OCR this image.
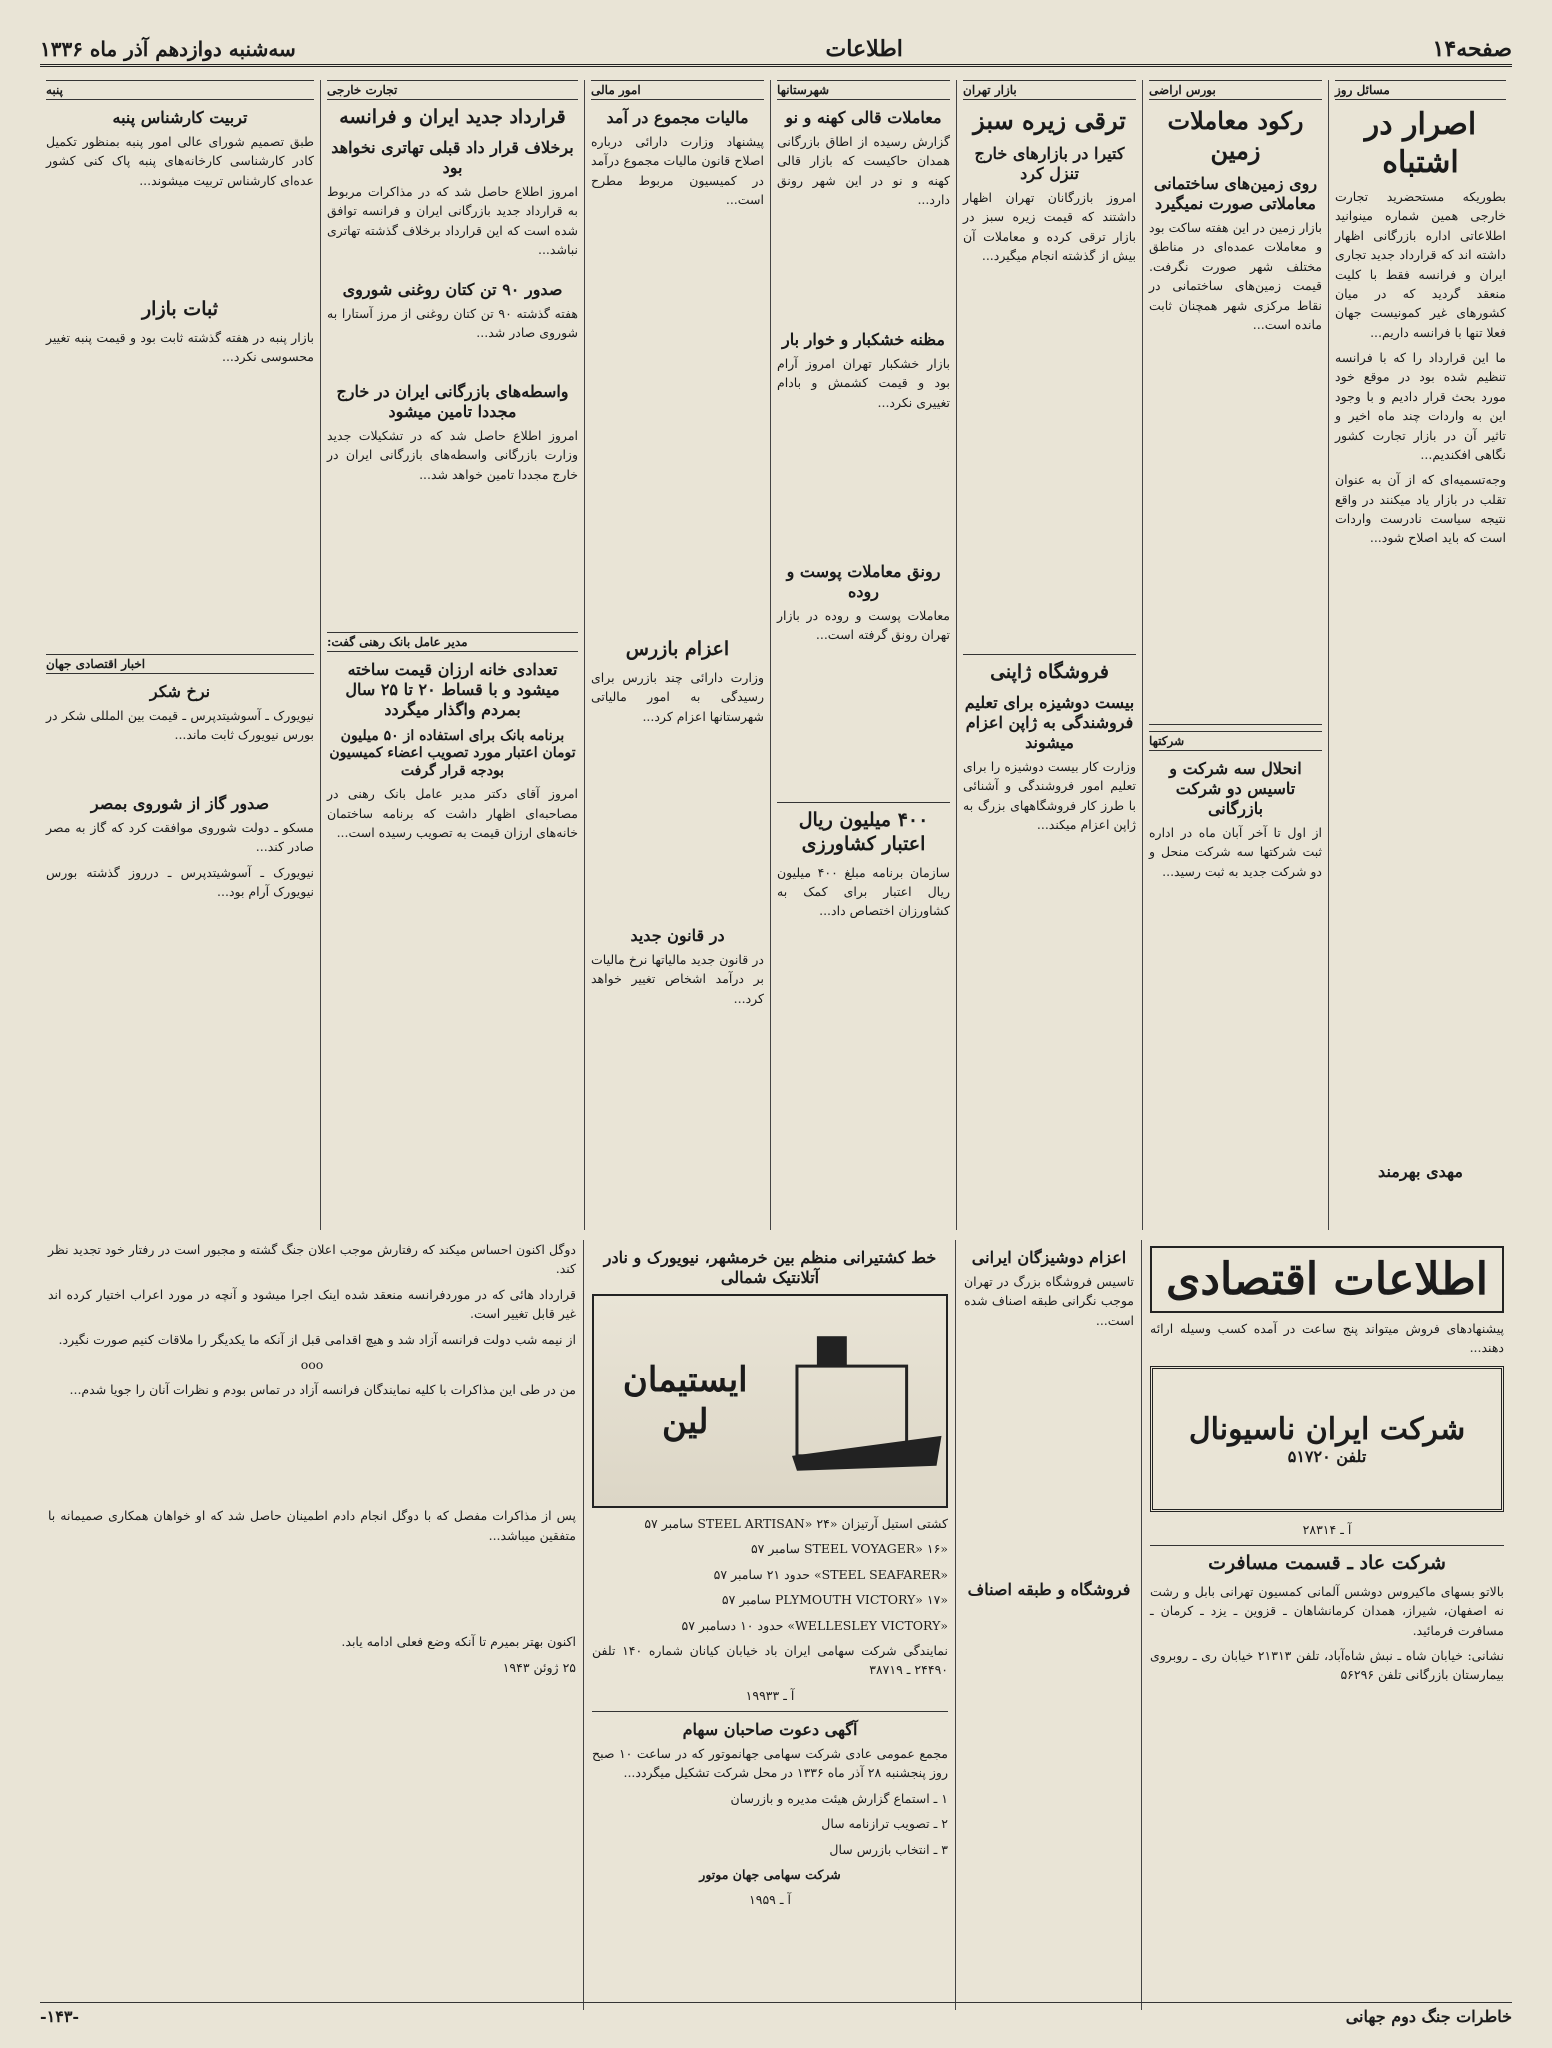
صفحه۱۴
اطلاعات
سه‌شنبه دوازدهم آذر ماه ۱۳۳۶
مسائل روز
اصرار در اشتباه

بطوریکه مستحضرید تجارت خارجی همین شماره مینوانید اطلاعاتی اداره بازرگانی اظهار داشته اند که قرارداد جدید تجاری ایران و فرانسه فقط با کلیت منعقد گردید که در میان کشورهای غیر کمونیست جهان فعلا تنها با فرانسه داریم...

ما این قرارداد را که با فرانسه تنظیم شده بود در موقع خود مورد بحث قرار دادیم و با وجود این به واردات چند ماه اخیر و تاثیر آن در بازار تجارت کشور نگاهی افکندیم...

وجه‌تسمیه‌ای که از آن به عنوان تقلب در بازار یاد میکنند در واقع نتیجه سیاست نادرست واردات است که باید اصلاح شود...

مهدی بهرمند
بورس اراضی
رکود معاملات زمین
روی زمین‌های ساختمانی معاملاتی صورت نمیگیرد

بازار زمین در این هفته ساکت بود و معاملات عمده‌ای در مناطق مختلف شهر صورت نگرفت. قیمت زمین‌های ساختمانی در نقاط مرکزی شهر همچنان ثابت مانده است...

شرکتها
انحلال سه شرکت و تاسیس دو شرکت بازرگانی

از اول تا آخر آبان ماه در اداره ثبت شرکتها سه شرکت منحل و دو شرکت جدید به ثبت رسید...

بازار تهران
ترقی زیره سبز
کتیرا در بازارهای خارج تنزل کرد

امروز بازرگانان تهران اظهار داشتند که قیمت زیره سبز در بازار ترقی کرده و معاملات آن بیش از گذشته انجام میگیرد...

فروشگاه ژاپنی
بیست دوشیزه برای تعلیم فروشندگی به ژاپن اعزام میشوند

وزارت کار بیست دوشیزه را برای تعلیم امور فروشندگی و آشنائی با طرز کار فروشگاههای بزرگ به ژاپن اعزام میکند...

شهرستانها
معاملات قالی کهنه و نو

گزارش رسیده از اطاق بازرگانی همدان حاکیست که بازار قالی کهنه و نو در این شهر رونق دارد...

مظنه خشکبار و خوار بار

بازار خشکبار تهران امروز آرام بود و قیمت کشمش و بادام تغییری نکرد...

رونق معاملات پوست و روده

معاملات پوست و روده در بازار تهران رونق گرفته است...

۴۰۰ میلیون ریال اعتبار کشاورزی

سازمان برنامه مبلغ ۴۰۰ میلیون ریال اعتبار برای کمک به کشاورزان اختصاص داد...

امور مالی
مالیات مجموع در آمد

پیشنهاد وزارت دارائی درباره اصلاح قانون مالیات مجموع درآمد در کمیسیون مربوط مطرح است...

اعزام بازرس

وزارت دارائی چند بازرس برای رسیدگی به امور مالیاتی شهرستانها اعزام کرد...

در قانون جدید

در قانون جدید مالیاتها نرخ مالیات بر درآمد اشخاص تغییر خواهد کرد...

تجارت خارجی
قرارداد جدید ایران و فرانسه
برخلاف قرار داد قبلی تهاتری نخواهد بود

امروز اطلاع حاصل شد که در مذاکرات مربوط به قرارداد جدید بازرگانی ایران و فرانسه توافق شده است که این قرارداد برخلاف گذشته تهاتری نباشد...

صدور ۹۰ تن کتان روغنی شوروی

هفته گذشته ۹۰ تن کتان روغنی از مرز آستارا به شوروی صادر شد...

واسطه‌های بازرگانی ایران در خارج مجددا تامین میشود

امروز اطلاع حاصل شد که در تشکیلات جدید وزارت بازرگانی واسطه‌های بازرگانی ایران در خارج مجددا تامین خواهد شد...

مدیر عامل بانک رهنی گفت:
تعدادی خانه ارزان قیمت ساخته میشود و با قساط ۲۰ تا ۲۵ سال بمردم واگذار میگردد
برنامه بانک برای استفاده از ۵۰ میلیون تومان اعتبار مورد تصویب اعضاء کمیسیون بودجه قرار گرفت

امروز آقای دکتر مدیر عامل بانک رهنی در مصاحبه‌ای اظهار داشت که برنامه ساختمان خانه‌های ارزان قیمت به تصویب رسیده است...

پنبه
تربیت کارشناس پنبه

طبق تصمیم شورای عالی امور پنبه بمنظور تکمیل کادر کارشناسی کارخانه‌های پنبه پاک کنی کشور عده‌ای کارشناس تربیت میشوند...

ثبات بازار

بازار پنبه در هفته گذشته ثابت بود و قیمت پنبه تغییر محسوسی نکرد...

اخبار اقتصادی جهان
نرخ شکر

نیویورک ـ آسوشیتدپرس ـ قیمت بین المللی شکر در بورس نیویورک ثابت ماند...

صدور گاز از شوروی بمصر

مسکو ـ دولت شوروی موافقت کرد که گاز به مصر صادر کند...

نیویورک ـ آسوشیتدپرس ـ درروز گذشته بورس نیویورک آرام بود...

اطلاعات اقتصادی

پیشنهادهای فروش میتواند پنج ساعت در آمده کسب وسیله ارائه دهند...

شرکت ایران ناسیونال
تلفن ۵۱۷۲۰
آ ـ ۲۸۳۱۴
شرکت عاد ـ قسمت مسافرت

بالاتو بسهای ماکیروس دوشس آلمانی کمسیون تهرانی بابل و رشت نه اصفهان، شیراز، همدان کرمانشاهان ـ قزوین ـ یزد ـ کرمان ـ مسافرت فرمائید.

نشانی: خیابان شاه ـ نبش شاه‌آباد، تلفن ۲۱۳۱۳ خیابان ری ـ روبروی بیمارستان بازرگانی تلفن ۵۶۲۹۶

اعزام دوشیزگان ایرانی

تاسیس فروشگاه بزرگ در تهران موجب نگرانی طبقه اصناف شده است...

فروشگاه و طبقه اصناف
خط کشتیرانی منظم بین خرمشهر، نیویورک و نادر آتلانتیک شمالی
ایستیمان لین
کشتی استیل آرتیزان «STEEL ARTISAN» ۲۴ سامبر ۵۷
«STEEL VOYAGER» ۱۶ سامبر ۵۷
«STEEL SEAFARER» حدود ۲۱ سامبر ۵۷
«PLYMOUTH VICTORY» ۱۷ سامبر ۵۷
«WELLESLEY VICTORY» حدود ۱۰ دسامبر ۵۷
نمایندگی شرکت سهامی ایران باد خیابان کیانان شماره ۱۴۰ تلفن ۲۴۴۹۰ ـ ۳۸۷۱۹
آ ـ ۱۹۹۳۳
آگهی دعوت صاحبان سهام

مجمع عمومی عادی شرکت سهامی جهانموتور که در ساعت ۱۰ صبح روز پنجشنبه ۲۸ آذر ماه ۱۳۳۶ در محل شرکت تشکیل میگردد...

۱ ـ استماع گزارش هیئت مدیره و بازرسان
۲ ـ تصویب ترازنامه سال
۳ ـ انتخاب بازرس سال
شرکت سهامی جهان موتور
آ ـ ۱۹۵۹

دوگل اکنون احساس میکند که رفتارش موجب اعلان جنگ گشته و مجبور است در رفتار خود تجدید نظر کند.

قرارداد هائی که در موردفرانسه منعقد شده اینک اجرا میشود و آنچه در مورد اعراب اختیار کرده اند غیر قابل تغییر است.

از نیمه شب دولت فرانسه آزاد شد و هیچ اقدامی قبل از آنکه ما یکدیگر را ملاقات کنیم صورت نگیرد.

ооо

من در طی این مذاکرات با کلیه نمایندگان فرانسه آزاد در تماس بودم و نظرات آنان را جویا شدم...

پس از مذاکرات مفصل که با دوگل انجام دادم اطمینان حاصل شد که او خواهان همکاری صمیمانه با متفقین میباشد...

اکنون بهتر بمیرم تا آنکه وضع فعلی ادامه یابد.

۲۵ ژوئن ۱۹۴۳
خاطرات جنگ دوم جهانی
-۱۴۳-
